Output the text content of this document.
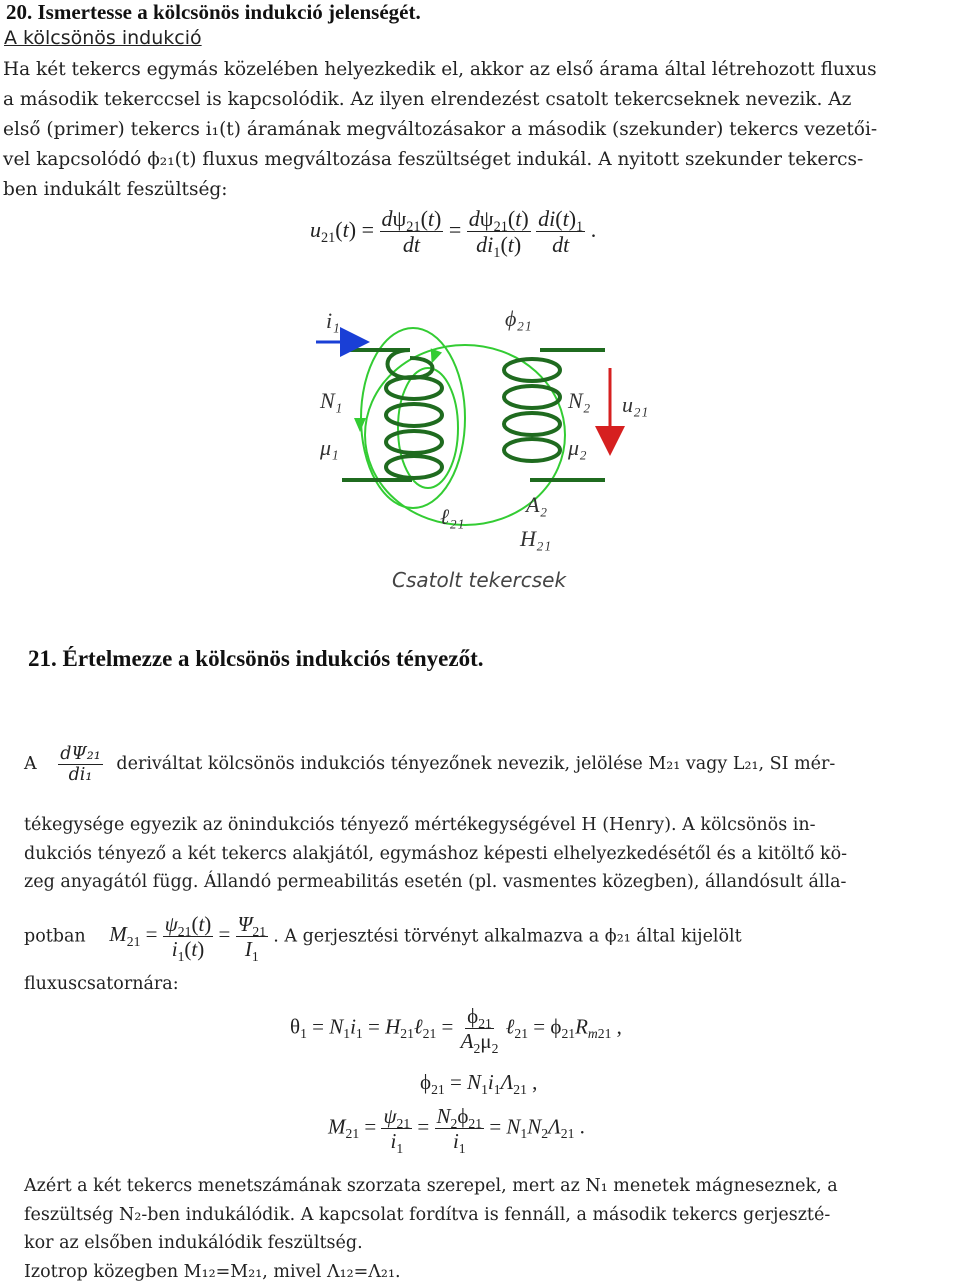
20. Ismertesse a kölcsönös indukció jelenségét.
A kölcsönös indukció
Ha két tekercs egymás közelében helyezkedik el, akkor az első árama által létrehozott fluxus
a második tekerccsel is kapcsolódik. Az ilyen elrendezést csatolt tekercseknek nevezik. Az
első (primer) tekercs i₁(t) áramának megváltozásakor a második (szekunder) tekercs vezetői-
vel kapcsolódó ϕ₂₁(t) fluxus megváltozása feszültséget indukál. A nyitott szekunder tekercs-
ben indukált feszültség:
$u_{21}(t) = \frac{d\psi_{21}(t)}{dt} = \frac{d\psi_{21}(t)}{di_1(t)}$
$\frac{di(t)_1}{dt}$ .
i₁	ϕ₂₁
N₁
μ₁
N₂
μ₂
u₂₁
ℓ₂₁	A₂
H₂₁
Csatolt tekercsek
21. Értelmezze a kölcsönös indukciós tényezőt.
A $\frac{\text{dΨ₂₁}}{\text{di₁}}$ deriváltat kölcsönös indukciós tényezőnek nevezik, jelölése M₂₁ vagy L₂₁, SI mér-
tékegysége egyezik az önindukciós tényező mértékegységével H (Henry). A kölcsönös in-
dukciós tényező a két tekercs alakjától, egymáshoz képesti elhelyezkedésétől és a kitöltő kö-
zeg anyagától függ. Állandó permeabilitás esetén (pl. vasmentes közegben), állandósult álla-
potban $M_{21} = \frac{\psi_{21}(t)}{i_1(t)} = \frac{\Psi_{21}}{I_1}$ . A gerjesztési törvényt alkalmazva a ϕ₂₁ által kijelölt
fluxuscsatornára:
$\theta_1 = N_1i_1$ = $H_{21}\ell_{21} = \frac{\phi_{21}}{A_2\mu_2}$ ℓ$_{21}$ = $\phi_{21}R_{m21}$ ,
$\phi_{21} = N_1i_1\Lambda_{21}$ ,
$M_{21} = \frac{\psi_{21}}{i_1} = \frac{N_2\phi_{21}}{i_1} = N_1N_2\Lambda_{21}$ .
Azért a két tekercs menetszámának szorzata szerepel, mert az N₁ menetek mágneseznek, a
feszültség N₂-ben indukálódik. A kapcsolat fordítva is fennáll, a második tekercs gerjeszté-
kor az elsőben indukálódik feszültség.
Izotrop közegben M₁₂=M₂₁, mivel Λ₁₂=Λ₂₁.
